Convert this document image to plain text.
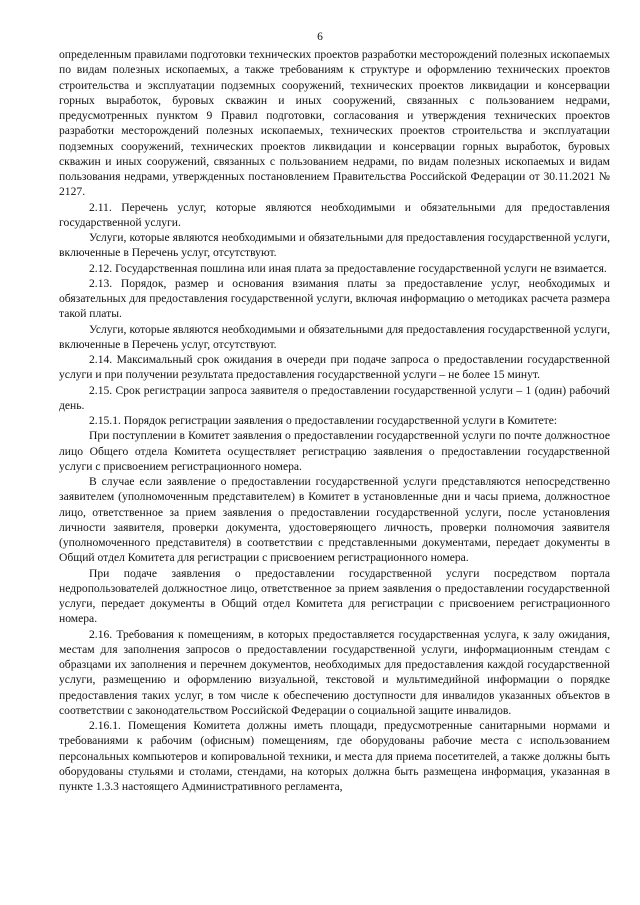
6

определенным правилами подготовки технических проектов разработки месторождений полезных ископаемых по видам полезных ископаемых, а также требованиям к структуре и оформлению технических проектов строительства и эксплуатации подземных сооружений, технических проектов ликвидации и консервации горных выработок, буровых скважин и иных сооружений, связанных с пользованием недрами, предусмотренных пунктом 9 Правил подготовки, согласования и утверждения технических проектов разработки месторождений полезных ископаемых, технических проектов строительства и эксплуатации подземных сооружений, технических проектов ликвидации и консервации горных выработок, буровых скважин и иных сооружений, связанных с пользованием недрами, по видам полезных ископаемых и видам пользования недрами, утвержденных постановлением Правительства Российской Федерации от 30.11.2021 № 2127.

2.11. Перечень услуг, которые являются необходимыми и обязательными для предоставления государственной услуги.

Услуги, которые являются необходимыми и обязательными для предоставления государственной услуги, включенные в Перечень услуг, отсутствуют.

2.12. Государственная пошлина или иная плата за предоставление государственной услуги не взимается.

2.13. Порядок, размер и основания взимания платы за предоставление услуг, необходимых и обязательных для предоставления государственной услуги, включая информацию о методиках расчета размера такой платы.

Услуги, которые являются необходимыми и обязательными для предоставления государственной услуги, включенные в Перечень услуг, отсутствуют.

2.14. Максимальный срок ожидания в очереди при подаче запроса о предоставлении государственной услуги и при получении результата предоставления государственной услуги – не более 15 минут.

2.15. Срок регистрации запроса заявителя о предоставлении государственной услуги – 1 (один) рабочий день.

2.15.1. Порядок регистрации заявления о предоставлении государственной услуги в Комитете:

При поступлении в Комитет заявления о предоставлении государственной услуги по почте должностное лицо Общего отдела Комитета осуществляет регистрацию заявления о предоставлении государственной услуги с присвоением регистрационного номера.

В случае если заявление о предоставлении государственной услуги представляются непосредственно заявителем (уполномоченным представителем) в Комитет в установленные дни и часы приема, должностное лицо, ответственное за прием заявления о предоставлении государственной услуги, после установления личности заявителя, проверки документа, удостоверяющего личность, проверки полномочия заявителя (уполномоченного представителя) в соответствии с представленными документами, передает документы в Общий отдел Комитета для регистрации с присвоением регистрационного номера.

При подаче заявления о предоставлении государственной услуги посредством портала недропользователей должностное лицо, ответственное за прием заявления о предоставлении государственной услуги, передает документы в Общий отдел Комитета для регистрации с присвоением регистрационного номера.

2.16. Требования к помещениям, в которых предоставляется государственная услуга, к залу ожидания, местам для заполнения запросов о предоставлении государственной услуги, информационным стендам с образцами их заполнения и перечнем документов, необходимых для предоставления каждой государственной услуги, размещению и оформлению визуальной, текстовой и мультимедийной информации о порядке предоставления таких услуг, в том числе к обеспечению доступности для инвалидов указанных объектов в соответствии с законодательством Российской Федерации о социальной защите инвалидов.

2.16.1. Помещения Комитета должны иметь площади, предусмотренные санитарными нормами и требованиями к рабочим (офисным) помещениям, где оборудованы рабочие места с использованием персональных компьютеров и копировальной техники, и места для приема посетителей, а также должны быть оборудованы стульями и столами, стендами, на которых должна быть размещена информация, указанная в пункте 1.3.3 настоящего Административного регламента,
